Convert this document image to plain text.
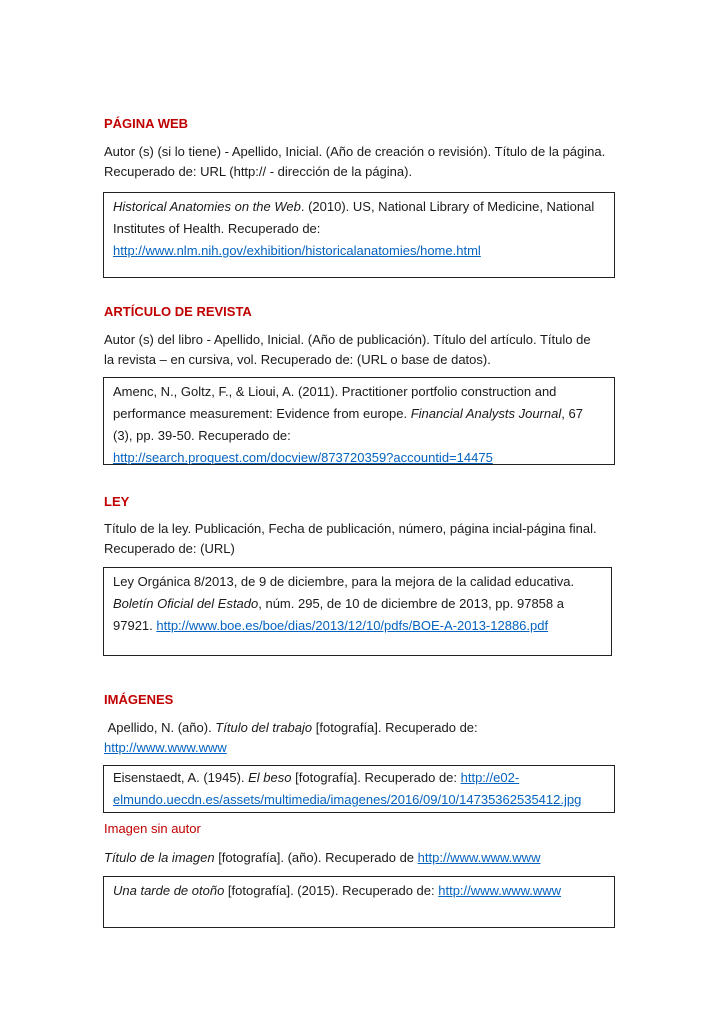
PÁGINA WEB

Autor (s) (si lo tiene) - Apellido, Inicial. (Año de creación o revisión). Título de la página.

Recuperado de: URL (http:// - dirección de la página).

Historical Anatomies on the Web. (2010). US, National Library of Medicine, National

Institutes of Health. Recuperado de:

http://www.nlm.nih.gov/exhibition/historicalanatomies/home.html

ARTÍCULO DE REVISTA

Autor (s) del libro - Apellido, Inicial. (Año de publicación). Título del artículo. Título de

la revista – en cursiva, vol. Recuperado de: (URL o base de datos).

Amenc, N., Goltz, F., & Lioui, A. (2011). Practitioner portfolio construction and

performance measurement: Evidence from europe. Financial Analysts Journal, 67

(3), pp. 39-50. Recuperado de:

http://search.proquest.com/docview/873720359?accountid=14475

LEY

Título de la ley. Publicación, Fecha de publicación, número, página incial-página final.

Recuperado de: (URL)

Ley Orgánica 8/2013, de 9 de diciembre, para la mejora de la calidad educativa.

Boletín Oficial del Estado, núm. 295, de 10 de diciembre de 2013, pp. 97858 a

97921. http://www.boe.es/boe/dias/2013/12/10/pdfs/BOE-A-2013-12886.pdf

IMÁGENES

Apellido, N. (año). Título del trabajo [fotografía]. Recuperado de:

http://www.www.www

Eisenstaedt, A. (1945). El beso [fotografía]. Recuperado de: http://e02-

elmundo.uecdn.es/assets/multimedia/imagenes/2016/09/10/14735362535412.jpg

Imagen sin autor

Título de la imagen [fotografía]. (año). Recuperado de http://www.www.www

Una tarde de otoño [fotografía]. (2015). Recuperado de: http://www.www.www
